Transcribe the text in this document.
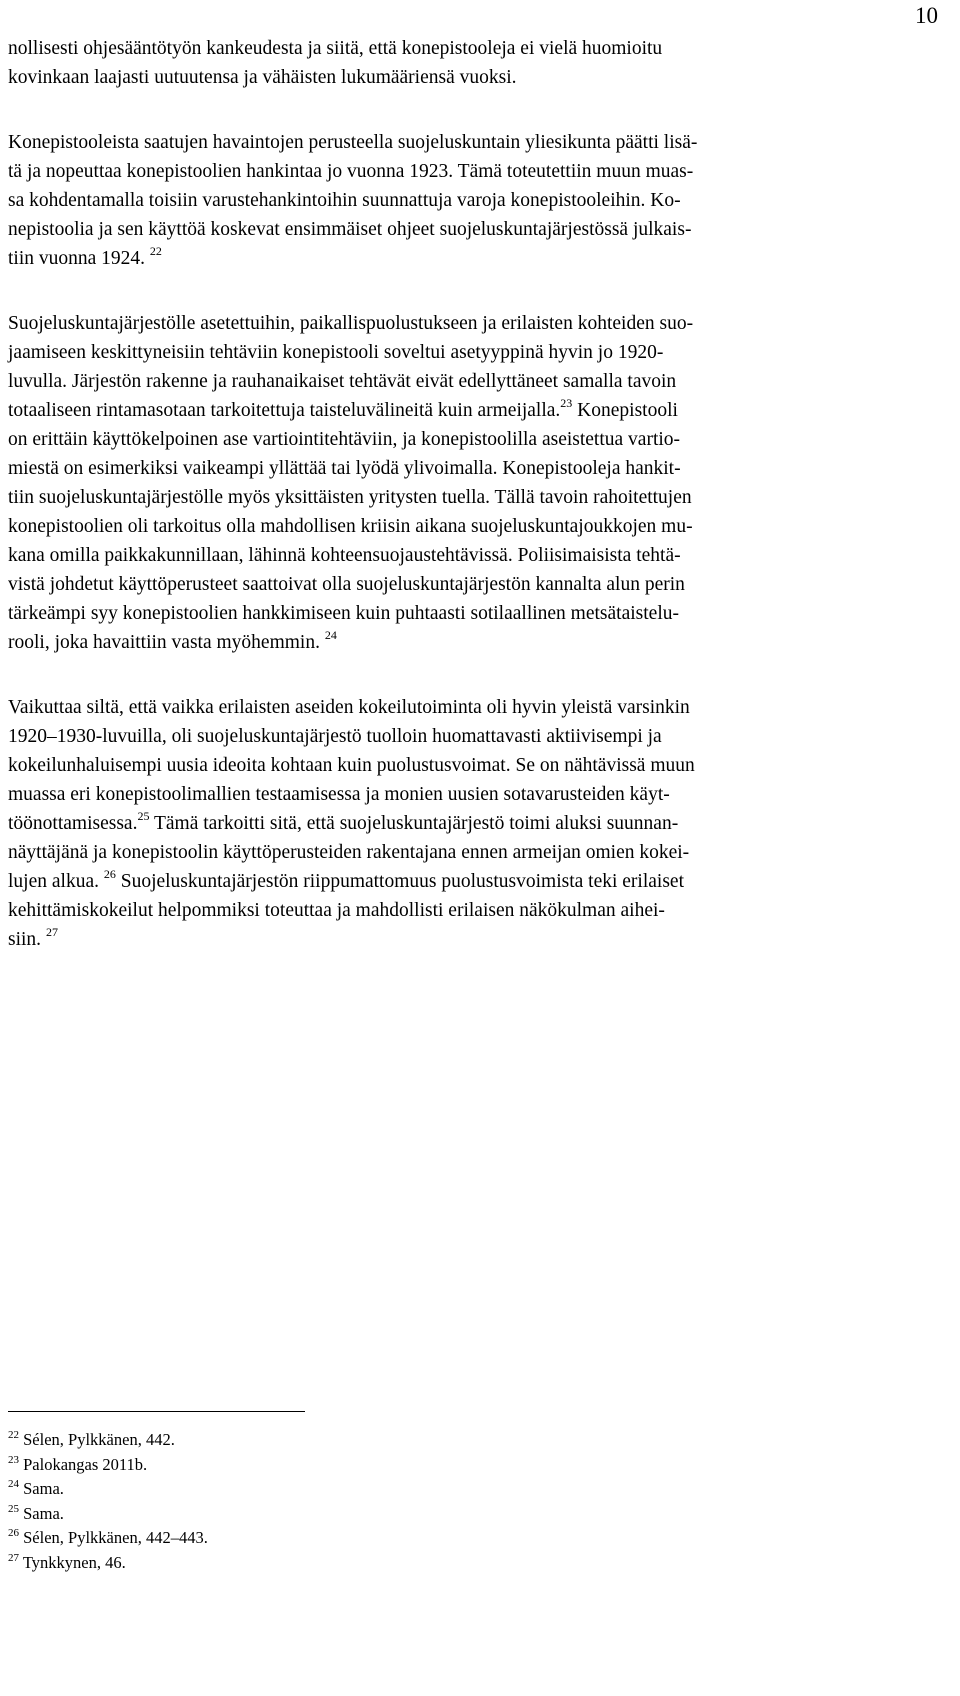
10
nollisesti ohjesääntötyön kankeudesta ja siitä, että konepistooleja ei vielä huomioitu
kovinkaan laajasti uutuutensa ja vähäisten lukumääriensä vuoksi.
Konepistooleista saatujen havaintojen perusteella suojeluskuntain yliesikunta päätti lisä-
tä ja nopeuttaa konepistoolien hankintaa jo vuonna 1923. Tämä toteutettiin muun muas-
sa kohdentamalla toisiin varustehankintoihin suunnattuja varoja konepistooleihin. Ko-
nepistoolia ja sen käyttöä koskevat ensimmäiset ohjeet suojeluskuntajärjestössä julkais-
tiin vuonna 1924. $^{22}$
Suojeluskuntajärjestölle asetettuihin, paikallispuolustukseen ja erilaisten kohteiden suo-
jaamiseen keskittyneisiin tehtäviin konepistooli soveltui asetyyppinä hyvin jo 1920-
luvulla. Järjestön rakenne ja rauhanaikaiset tehtävät eivät edellyttäneet samalla tavoin
totaaliseen rintamasotaan tarkoitettuja taisteluvälineitä kuin armeijalla.$^{23}$ Konepistooli
on erittäin käyttökelpoinen ase vartiointitehtäviin, ja konepistoolilla aseistettua vartio-
miestä on esimerkiksi vaikeampi yllättää tai lyödä ylivoimalla. Konepistooleja hankit-
tiin suojeluskuntajärjestölle myös yksittäisten yritysten tuella. Tällä tavoin rahoitettujen
konepistoolien oli tarkoitus olla mahdollisen kriisin aikana suojeluskuntajoukkojen mu-
kana omilla paikkakunnillaan, lähinnä kohteensuojaustehtävissä. Poliisimaisista tehtä-
vistä johdetut käyttöperusteet saattoivat olla suojeluskuntajärjestön kannalta alun perin
tärkeämpi syy konepistoolien hankkimiseen kuin puhtaasti sotilaallinen metsätaistelu-
rooli, joka havaittiin vasta myöhemmin. $^{24}$
Vaikuttaa siltä, että vaikka erilaisten aseiden kokeilutoiminta oli hyvin yleistä varsinkin
1920–1930-luvuilla, oli suojeluskuntajärjestö tuolloin huomattavasti aktiivisempi ja
kokeilunhaluisempi uusia ideoita kohtaan kuin puolustusvoimat. Se on nähtävissä muun
muassa eri konepistoolimallien testaamisessa ja monien uusien sotavarusteiden käyt-
töönottamisessa.$^{25}$ Tämä tarkoitti sitä, että suojeluskuntajärjestö toimi aluksi suunnan-
näyttäjänä ja konepistoolin käyttöperusteiden rakentajana ennen armeijan omien kokei-
lujen alkua. $^{26}$ Suojeluskuntajärjestön riippumattomuus puolustusvoimista teki erilaiset
kehittämiskokeilut helpommiksi toteuttaa ja mahdollisti erilaisen näkökulman aihei-
siin. $^{27}$
$^{22}$ Sélen, Pylkkänen, 442.
$^{23}$ Palokangas 2011b.
$^{24}$ Sama.
$^{25}$ Sama.
$^{26}$ Sélen, Pylkkänen, 442–443.
$^{27}$ Tynkkynen, 46.
